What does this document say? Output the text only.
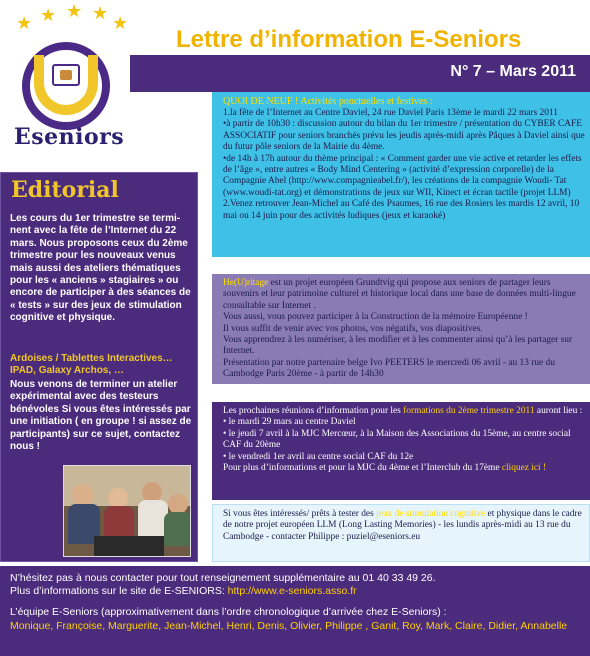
Lettre d’information E-Seniors
N° 7 – Mars 2011
★ ★ ★ ★ ★
Eseniors
Editorial
Les cours du 1er trimestre se termi-nent avec la fête de l’Internet du 22 mars. Nous proposons ceux du 2ème trimestre pour les nouveaux venus mais aussi des ateliers thématiques pour les « anciens » stagiaires » ou encore de participer à des séances de « tests » sur des jeux de stimulation cognitive et physique.
Ardoises / Tablettes Interactives… IPAD, Galaxy Archos, …
Nous venons de terminer un atelier expérimental avec des testeurs bénévoles Si vous êtes intéressés par une initiation ( en groupe ! si assez de participants) sur ce sujet, contactez nous !
QUOI DE NEUF ! Activités ponctuelles et festives :
1.la fête de l’Internet au Centre Daviel, 24 rue Daviel Paris 13ème le mardi 22 mars 2011
•à partir de 10h30 : discussion autour du bilan du 1er trimestre / présentation du CYBER CAFE ASSOCIATIF pour seniors branchés prévu les jeudis après-midi après Pâques à Daviel ainsi que du futur pôle seniors de la Mairie du 4ème.
•de 14h à 17h autour du thème principal : « Comment garder une vie active et retarder les effets de l’âge », entre autres « Body Mind Centering » (activité d’expression corporelle) de la Compagnie Abel (http://www.compagnieabel.fr/), les créations de la compagnie Woudi- Tat (www.woudi-tat.org) et démonstrations de jeux sur WII, Kinect et écran tactile (projet LLM)
2.Venez retrouver Jean-Michel au Café des Psaumes, 16 rue des Rosiers les mardis 12 avril, 10 mai ou 14 juin pour des activités ludiques (jeux et karaoké)
He(U)ritage est un projet européen Grundtvig qui propose aux seniors de partager leurs souvenirs et leur patrimoine culturel et historique local dans une base de données multi-lingue consultable sur Internet .
Vous aussi, vous pouvez participer à la Construction de la mémoire Européenne !
Il vous suffit de venir avec vos photos, vos négatifs, vos diapositives.
Vous apprendrez à les numériser, à les modifier et à les commenter ainsi qu’à les partager sur Internet.
Présentation par notre partenaire belge Ivo PEETERS le mercredi 06 avril - au 13 rue du Cambodge Paris 20ème - à partir de 14h30
Les prochaines réunions d’information pour les formations du 2ème trimestre 2011 auront lieu :
• le mardi 29 mars au centre Daviel
• le jeudi 7 avril à la MJC Mercœur, à la Maison des Associations du 15ème, au centre social CAF du 20ème
• le vendredi 1er avril au centre social CAF du 12e
Pour plus d’informations et pour la MJC du 4ème et l’Interclub du 17ème cliquez ici !
Si vous êtes intéressés/ prêts à tester des jeux de stimulation cognitive et physique dans le cadre de notre projet européen LLM (Long Lasting Memories) - les lundis après-midi au 13 rue du Cambodge - contacter Philippe : puziel@eseniors.eu
N’hésitez pas à nous contacter pour tout renseignement supplémentaire au 01 40 33 49 26.
Plus d’informations sur le site de E-SENIORS: http://www.e-seniors.asso.fr
L’équipe E-Seniors (approximativement dans l’ordre chronologique d’arrivée chez E-Seniors) :
Monique, Françoise, Marguerite, Jean-Michel, Henri, Denis, Olivier, Philippe , Ganit, Roy, Mark, Claire, Didier, Annabelle
